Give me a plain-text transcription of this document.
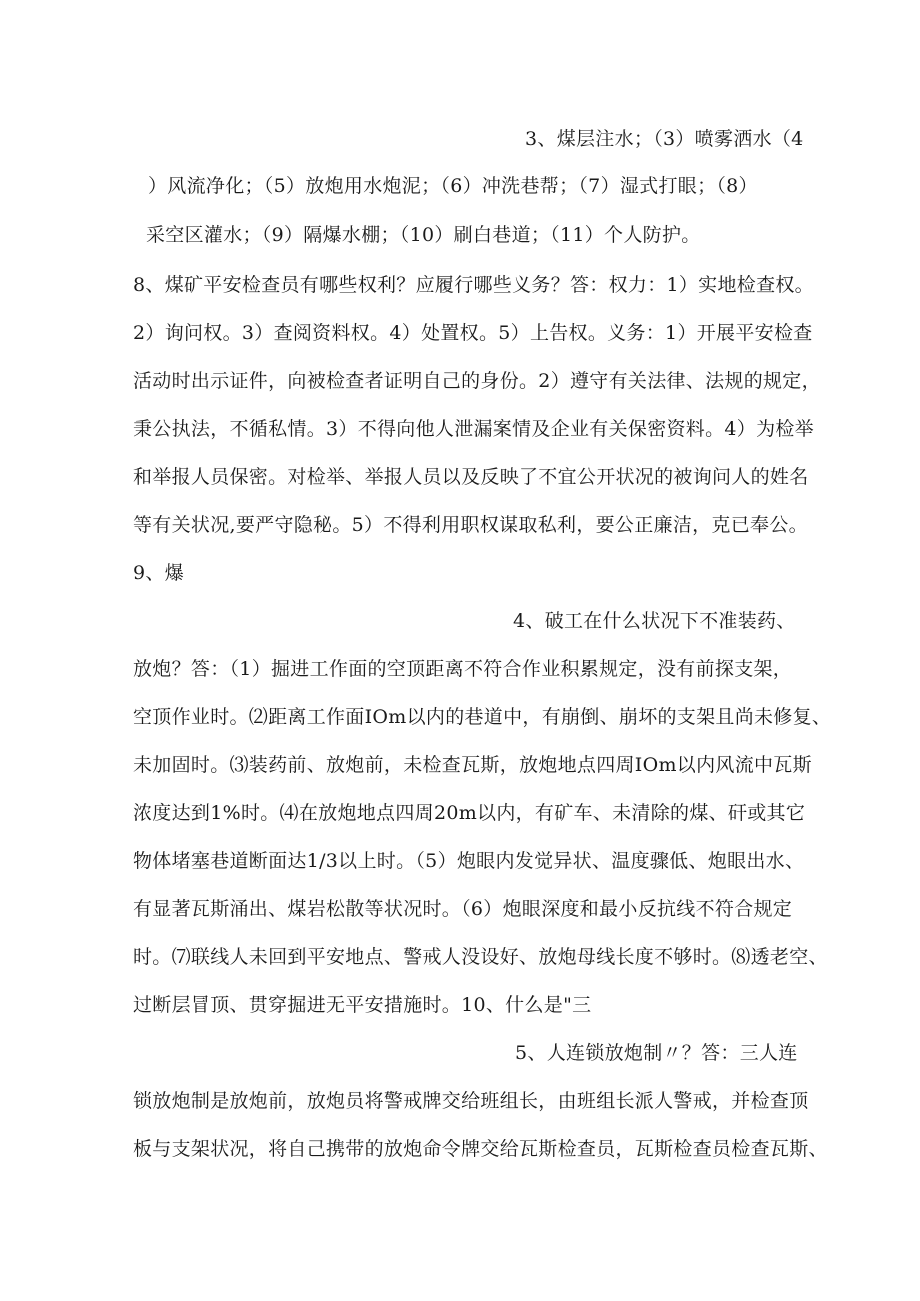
3、煤层注水；（3）喷雾洒水（4
）风流净化；（5）放炮用水炮泥；（6）冲洗巷帮；（7）湿式打眼；（8）
采空区灌水；（9）隔爆水棚；（10）刷白巷道；（11）个人防护。
8、煤矿平安检查员有哪些权利？应履行哪些义务？答：权力：1）实地检查权。
2）询问权。3）查阅资料权。4）处置权。5）上告权。义务：1）开展平安检查
活动时出示证件，向被检查者证明自己的身份。2）遵守有关法律、法规的规定，
秉公执法，不循私情。3）不得向他人泄漏案情及企业有关保密资料。4）为检举
和举报人员保密。对检举、举报人员以及反映了不宜公开状况的被询问人的姓名
等有关状况,要严守隐秘。5）不得利用职权谋取私利，要公正廉洁，克已奉公。
9、爆
4、破工在什么状况下不准装药、
放炮？答：（1）掘进工作面的空顶距离不符合作业积累规定，没有前探支架，
空顶作业时。⑵距离工作面IOm以内的巷道中，有崩倒、崩坏的支架且尚未修复、
未加固时。⑶装药前、放炮前，未检查瓦斯，放炮地点四周IOm以内风流中瓦斯
浓度达到1%时。⑷在放炮地点四周20m以内，有矿车、未清除的煤、矸或其它
物体堵塞巷道断面达1/3以上时。（5）炮眼内发觉异状、温度骤低、炮眼出水、
有显著瓦斯涌出、煤岩松散等状况时。（6）炮眼深度和最小反抗线不符合规定
时。⑺联线人未回到平安地点、警戒人没设好、放炮母线长度不够时。⑻透老空、
过断层冒顶、贯穿掘进无平安措施时。10、什么是"三
5、人连锁放炮制〃？答：三人连
锁放炮制是放炮前，放炮员将警戒牌交给班组长，由班组长派人警戒，并检查顶
板与支架状况，将自己携带的放炮命令牌交给瓦斯检查员，瓦斯检查员检查瓦斯、
